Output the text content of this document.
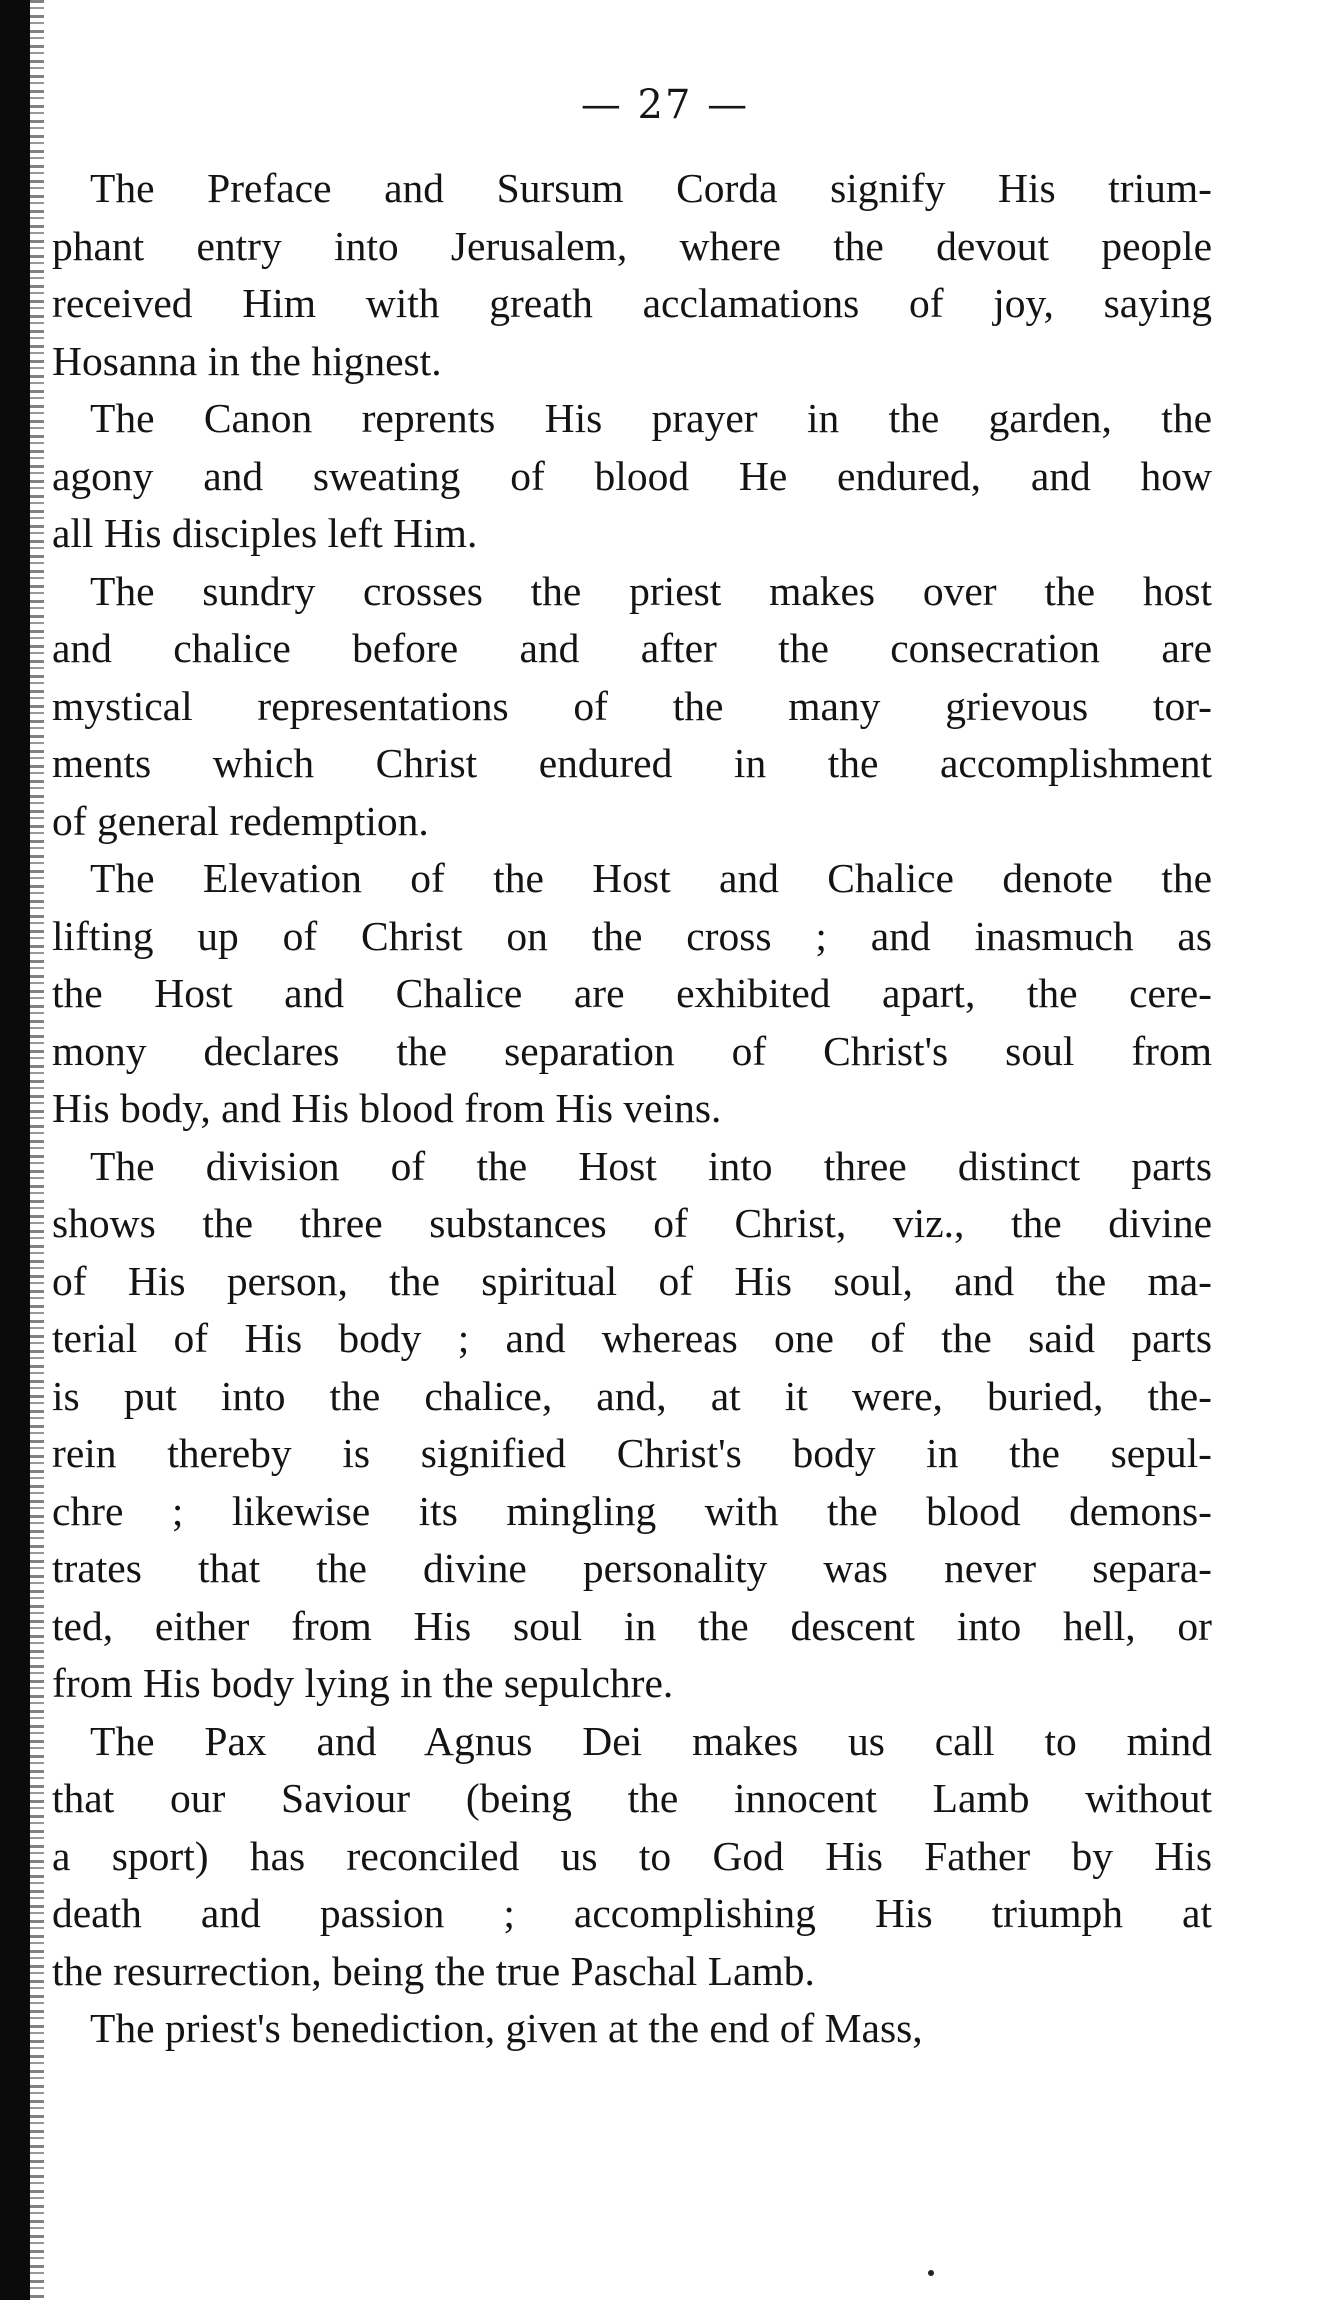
— 27 —
The Preface and Sursum Corda signify His trium-
phant entry into Jerusalem, where the devout people
received Him with greath acclamations of joy, saying
Hosanna in the hignest.
The Canon reprents His prayer in the garden, the
agony and sweating of blood He endured, and how
all His disciples left Him.
The sundry crosses the priest makes over the host
and chalice before and after the consecration are
mystical representations of the many grievous tor-
ments which Christ endured in the accomplishment
of general redemption.
The Elevation of the Host and Chalice denote the
lifting up of Christ on the cross ; and inasmuch as
the Host and Chalice are exhibited apart, the cere-
mony declares the separation of Christ's soul from
His body, and His blood from His veins.
The division of the Host into three distinct parts
shows the three substances of Christ, viz., the divine
of His person, the spiritual of His soul, and the ma-
terial of His body ; and whereas one of the said parts
is put into the chalice, and, at it were, buried, the-
rein thereby is signified Christ's body in the sepul-
chre ; likewise its mingling with the blood demons-
trates that the divine personality was never separa-
ted, either from His soul in the descent into hell, or
from His body lying in the sepulchre.
The Pax and Agnus Dei makes us call to mind
that our Saviour (being the innocent Lamb without
a sport) has reconciled us to God His Father by His
death and passion ; accomplishing His triumph at
the resurrection, being the true Paschal Lamb.
The priest's benediction, given at the end of Mass,
